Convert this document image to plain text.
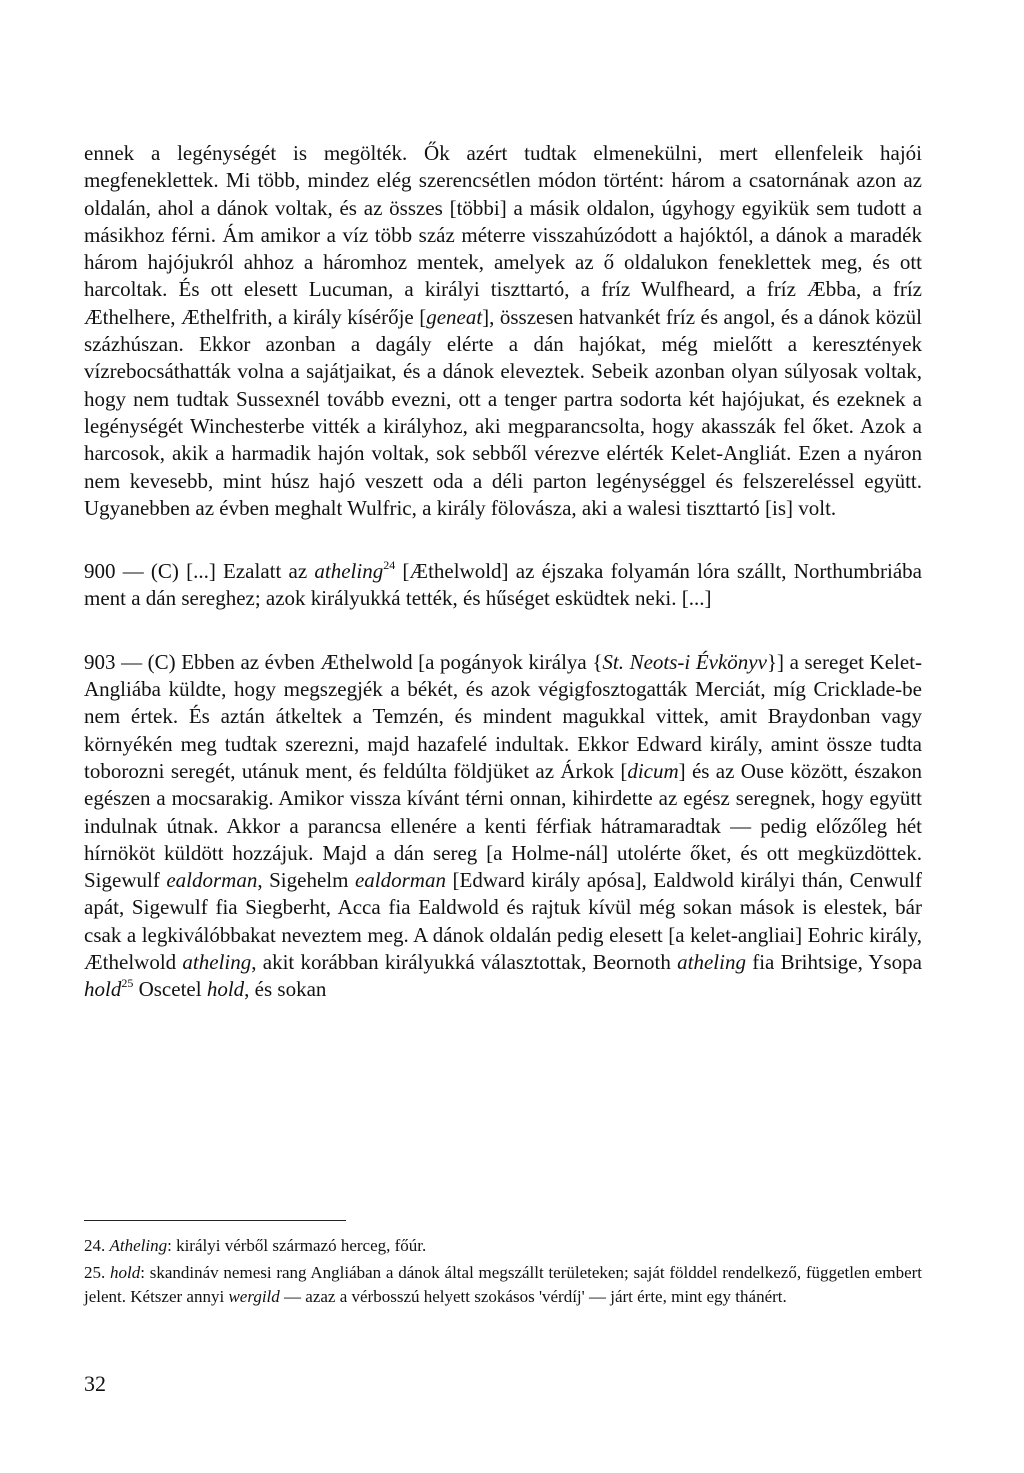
ennek a legénységét is megölték. Ők azért tudtak elmenekülni, mert ellenfeleik hajói megfeneklettek. Mi több, mindez elég szerencsétlen módon történt: három a csatornának azon az oldalán, ahol a dánok voltak, és az összes [többi] a másik oldalon, úgyhogy egyikük sem tudott a másikhoz férni. Ám amikor a víz több száz méterre visszahúzódott a hajóktól, a dánok a maradék három hajójukról ahhoz a háromhoz mentek, amelyek az ő oldalukon feneklettek meg, és ott harcoltak. És ott elesett Lucuman, a királyi tiszttartó, a fríz Wulfheard, a fríz Æbba, a fríz Æthelhere, Æthelfrith, a király kísérője [geneat], összesen hatvankét fríz és angol, és a dánok közül százhúszan. Ekkor azonban a dagály elérte a dán hajókat, még mielőtt a keresztények vízrebocsáthatták volna a sajátjaikat, és a dánok eleveztek. Sebeik azonban olyan súlyosak voltak, hogy nem tudtak Sussexnél tovább evezni, ott a tenger partra sodorta két hajójukat, és ezeknek a legénységét Winchesterbe vitték a királyhoz, aki megparancsolta, hogy akasszák fel őket. Azok a harcosok, akik a harmadik hajón voltak, sok sebből vérezve elérték Kelet-Angliát. Ezen a nyáron nem kevesebb, mint húsz hajó veszett oda a déli parton legénységgel és felszereléssel együtt. Ugyanebben az évben meghalt Wulfric, a király fölovásza, aki a walesi tiszttartó [is] volt.

900 — (C) [...] Ezalatt az atheling$^{24}$ [Æthelwold] az éjszaka folyamán lóra szállt, Northumbriába ment a dán sereghez; azok királyukká tették, és hűséget esküdtek neki. [...]

903 — (C) Ebben az évben Æthelwold [a pogányok királya {St. Neots-i Évkönyv}] a sereget Kelet-Angliába küldte, hogy megszegjék a békét, és azok végigfosztogatták Merciát, míg Cricklade-be nem értek. És aztán átkeltek a Temzén, és mindent magukkal vittek, amit Braydonban vagy környékén meg tudtak szerezni, majd hazafelé indultak. Ekkor Edward király, amint össze tudta toborozni seregét, utánuk ment, és feldúlta földjüket az Árkok [dicum] és az Ouse között, északon egészen a mocsarakig. Amikor vissza kívánt térni onnan, kihirdette az egész seregnek, hogy együtt indulnak útnak. Akkor a parancsa ellenére a kenti férfiak hátramaradtak — pedig előzőleg hét hírnököt küldött hozzájuk. Majd a dán sereg [a Holme-nál] utolérte őket, és ott megküzdöttek. Sigewulf ealdorman, Sigehelm ealdorman [Edward király apósa], Ealdwold királyi thán, Cenwulf apát, Sigewulf fia Siegberht, Acca fia Ealdwold és rajtuk kívül még sokan mások is elestek, bár csak a legkiválóbbakat neveztem meg. A dánok oldalán pedig elesett [a kelet-angliai] Eohric király, Æthelwold atheling, akit korábban királyukká választottak, Beornoth atheling fia Brihtsige, Ysopa hold$^{25}$ Oscetel hold, és sokan

24. Atheling: királyi vérből származó herceg, főúr.

25. hold: skandináv nemesi rang Angliában a dánok által megszállt területeken; saját földdel rendelkező, független embert jelent. Kétszer annyi wergild — azaz a vérbosszú helyett szokásos 'vérdíj' — járt érte, mint egy thánért.

32
